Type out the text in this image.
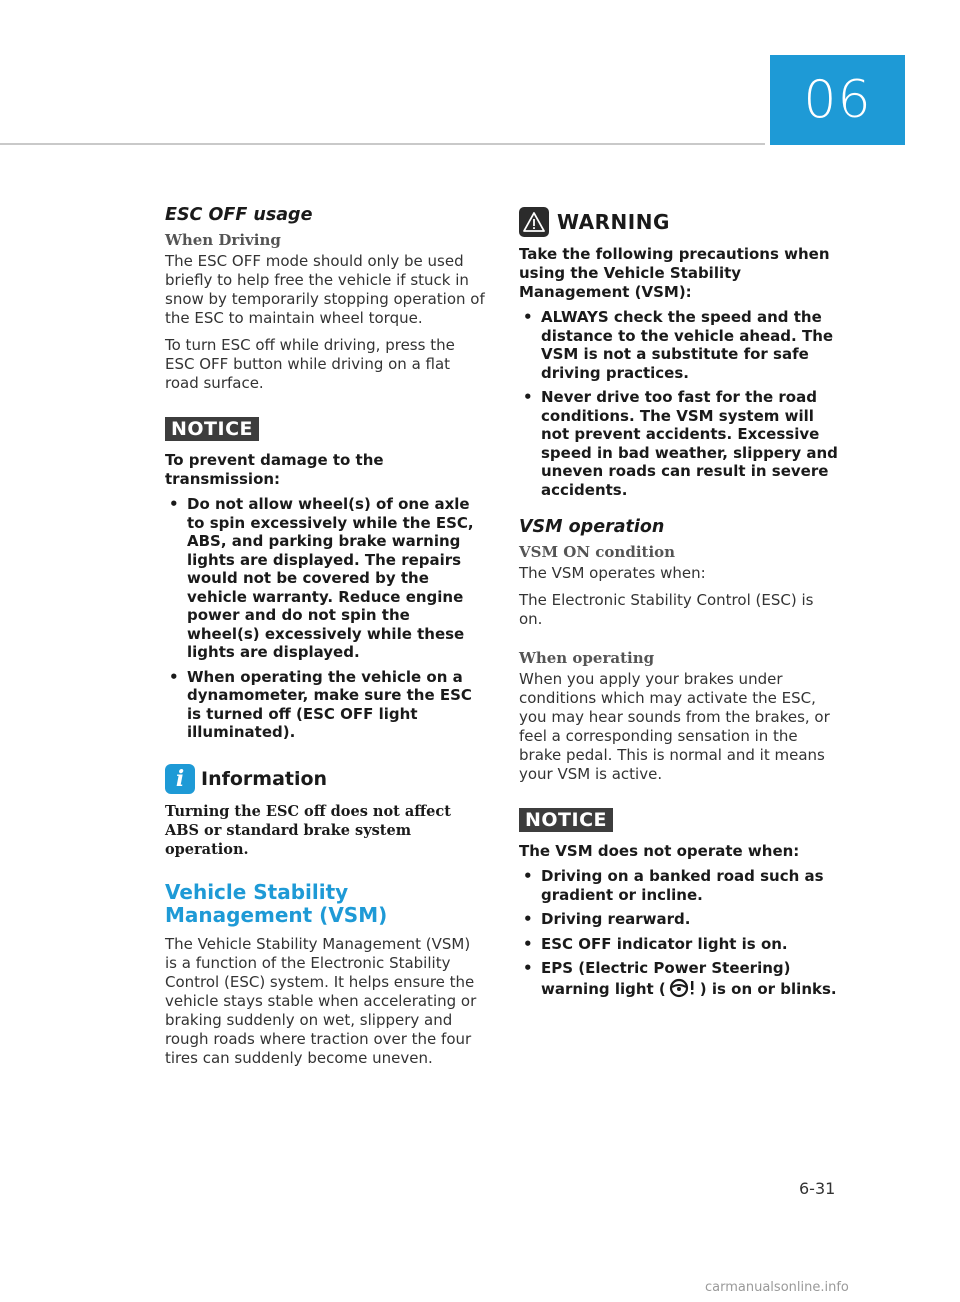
06
ESC OFF usage
When Driving

The ESC OFF mode should only be used briefly to help free the vehicle if stuck in snow by temporarily stopping operation of the ESC to maintain wheel torque.

To turn ESC off while driving, press the ESC OFF button while driving on a flat road surface.

NOTICE
To prevent damage to the transmission:
• Do not allow wheel(s) of one axle to spin excessively while the ESC, ABS, and parking brake warning lights are displayed. The repairs would not be covered by the vehicle warranty. Reduce engine power and do not spin the wheel(s) excessively while these lights are displayed.
• When operating the vehicle on a dynamometer, make sure the ESC is turned off (ESC OFF light illuminated).
i Information

Turning the ESC off does not affect ABS or standard brake system operation.

Vehicle Stability Management (VSM)

The Vehicle Stability Management (VSM) is a function of the Electronic Stability Control (ESC) system. It helps ensure the vehicle stays stable when accelerating or braking suddenly on wet, slippery and rough roads where traction over the four tires can suddenly become uneven.

WARNING
Take the following precautions when using the Vehicle Stability Management (VSM):
• ALWAYS check the speed and the distance to the vehicle ahead. The VSM is not a substitute for safe driving practices.
• Never drive too fast for the road conditions. The VSM system will not prevent accidents. Excessive speed in bad weather, slippery and uneven roads can result in severe accidents.
VSM operation
VSM ON condition

The VSM operates when:

The Electronic Stability Control (ESC) is on.

When operating

When you apply your brakes under conditions which may activate the ESC, you may hear sounds from the brakes, or feel a corresponding sensation in the brake pedal. This is normal and it means your VSM is active.

NOTICE
The VSM does not operate when:
• Driving on a banked road such as gradient or incline.
• Driving rearward.
• ESC OFF indicator light is on.
• EPS (Electric Power Steering) warning light ( ) is on or blinks.
6-31
carmanualsonline.info
